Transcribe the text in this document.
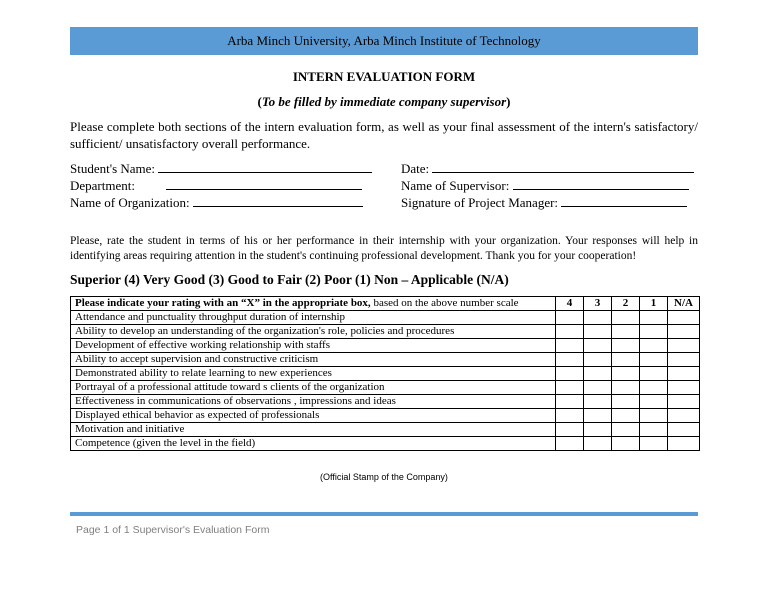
Arba Minch University, Arba Minch Institute of Technology
INTERN EVALUATION FORM
(To be filled by immediate company supervisor)
Please complete both sections of the intern evaluation form, as well as your final assessment of the intern's satisfactory/ sufficient/ unsatisfactory overall performance.
Student's Name:
Department:
Name of Organization:
Date:
Name of Supervisor:
Signature of Project Manager:
Please, rate the student in terms of his or her performance in their internship with your organization. Your responses will help in identifying areas requiring attention in the student's continuing professional development. Thank you for your cooperation!
Superior (4) Very Good (3) Good to Fair (2) Poor (1) Non – Applicable (N/A)
Please indicate your rating with an “X” in the appropriate box, based on the above number scale	4	3	2	1	N/A
Attendance and punctuality throughput duration of internship					
Ability to develop an understanding of the organization's role, policies and procedures					
Development of effective working relationship with staffs					
Ability to accept supervision and constructive criticism					
Demonstrated ability to relate learning to new experiences					
Portrayal of a professional attitude toward s clients of the organization					
Effectiveness in communications of observations , impressions and ideas					
Displayed ethical behavior as expected of professionals					
Motivation and initiative					
Competence (given the level in the field)					
(Official Stamp of the Company)
Page 1 of 1 Supervisor's Evaluation Form
